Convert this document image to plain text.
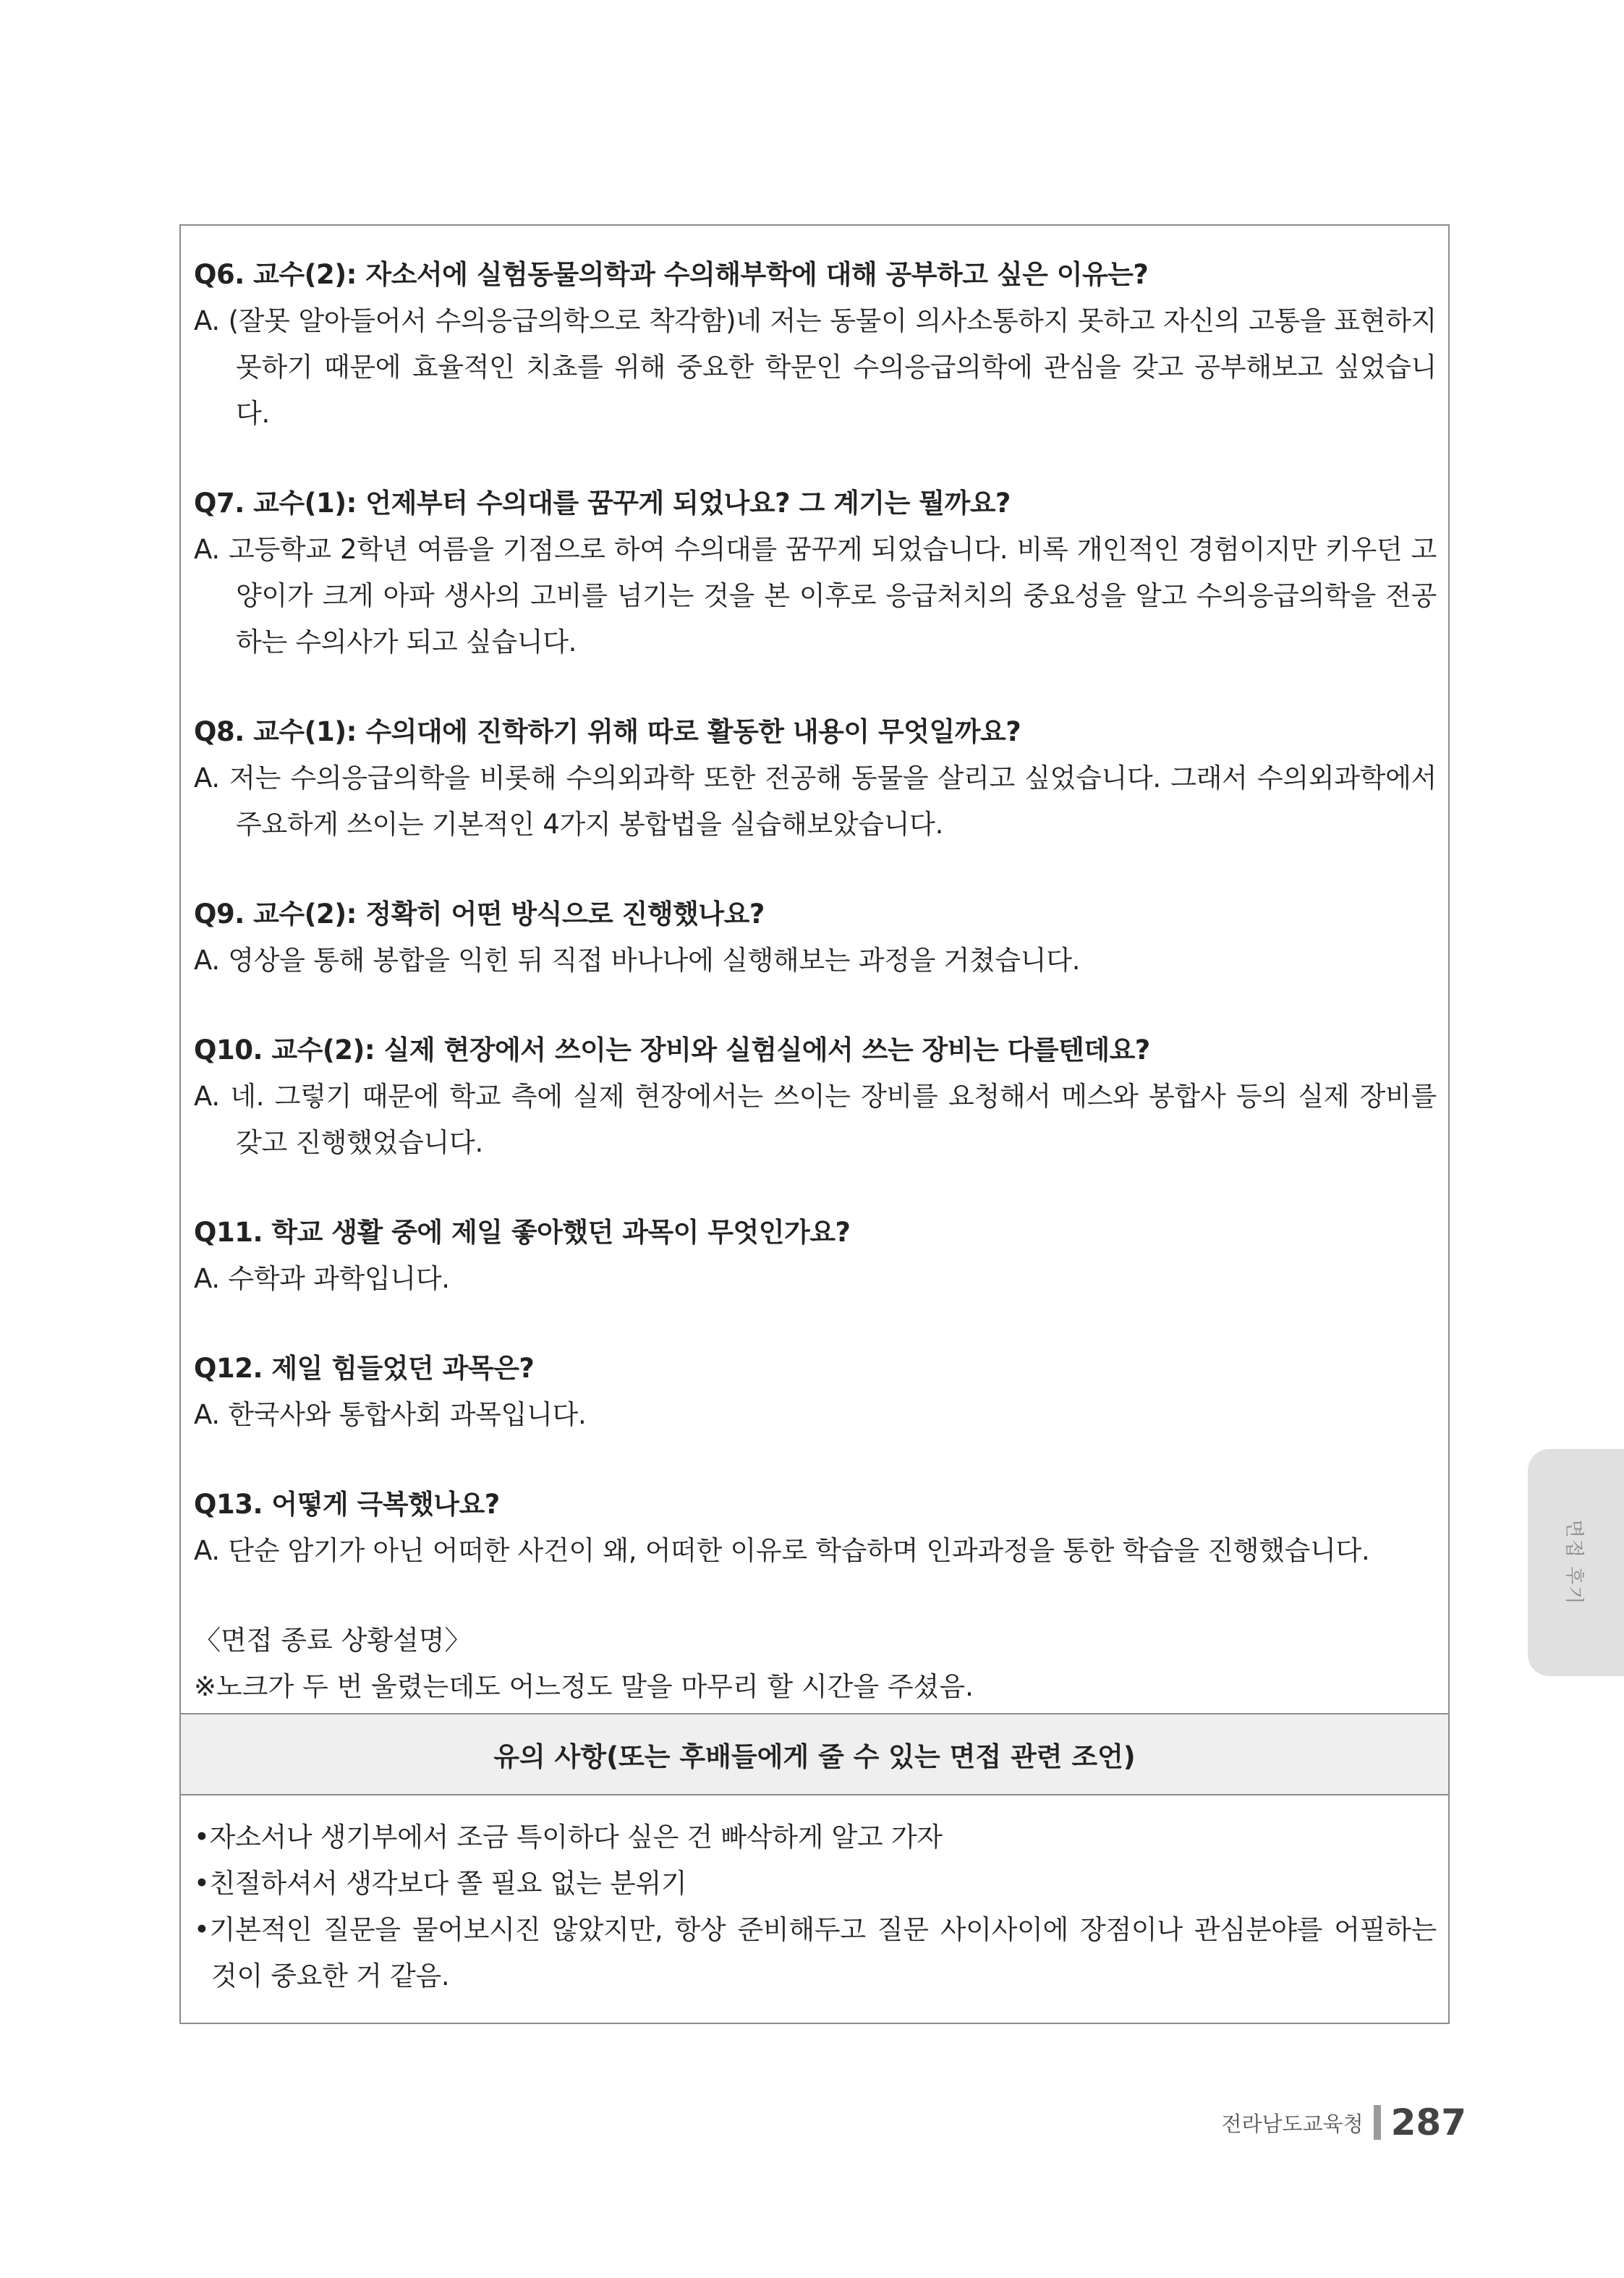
Q6. 교수(2): 자소서에 실험동물의학과 수의해부학에 대해 공부하고 싶은 이유는?
A. (잘못 알아들어서 수의응급의학으로 착각함)네 저는 동물이 의사소통하지 못하고 자신의 고통을 표현하지 못하기 때문에 효율적인 치쵸를 위해 중요한 학문인 수의응급의학에 관심을 갖고 공부해보고 싶었습니다.
Q7. 교수(1): 언제부터 수의대를 꿈꾸게 되었나요? 그 계기는 뭘까요?
A. 고등학교 2학년 여름을 기점으로 하여 수의대를 꿈꾸게 되었습니다. 비록 개인적인 경험이지만 키우던 고양이가 크게 아파 생사의 고비를 넘기는 것을 본 이후로 응급처치의 중요성을 알고 수의응급의학을 전공하는 수의사가 되고 싶습니다.
Q8. 교수(1): 수의대에 진학하기 위해 따로 활동한 내용이 무엇일까요?
A. 저는 수의응급의학을 비롯해 수의외과학 또한 전공해 동물을 살리고 싶었습니다. 그래서 수의외과학에서 주요하게 쓰이는 기본적인 4가지 봉합법을 실습해보았습니다.
Q9. 교수(2): 정확히 어떤 방식으로 진행했나요?
A. 영상을 통해 봉합을 익힌 뒤 직접 바나나에 실행해보는 과정을 거쳤습니다.
Q10. 교수(2): 실제 현장에서 쓰이는 장비와 실험실에서 쓰는 장비는 다를텐데요?
A. 네. 그렇기 때문에 학교 측에 실제 현장에서는 쓰이는 장비를 요청해서 메스와 봉합사 등의 실제 장비를 갖고 진행했었습니다.
Q11. 학교 생활 중에 제일 좋아했던 과목이 무엇인가요?
A. 수학과 과학입니다.
Q12. 제일 힘들었던 과목은?
A. 한국사와 통합사회 과목입니다.
Q13. 어떻게 극복했나요?
A. 단순 암기가 아닌 어떠한 사건이 왜, 어떠한 이유로 학습하며 인과과정을 통한 학습을 진행했습니다.
〈면접 종료 상황설명〉
※노크가 두 번 울렸는데도 어느정도 말을 마무리 할 시간을 주셨음.
유의 사항(또는 후배들에게 줄 수 있는 면접 관련 조언)
•자소서나 생기부에서 조금 특이하다 싶은 건 빠삭하게 알고 가자
•친절하셔서 생각보다 쫄 필요 없는 분위기
•기본적인 질문을 물어보시진 않았지만, 항상 준비해두고 질문 사이사이에 장점이나 관심분야를 어필하는 것이 중요한 거 같음.
면접 후기
전라남도교육청 287
